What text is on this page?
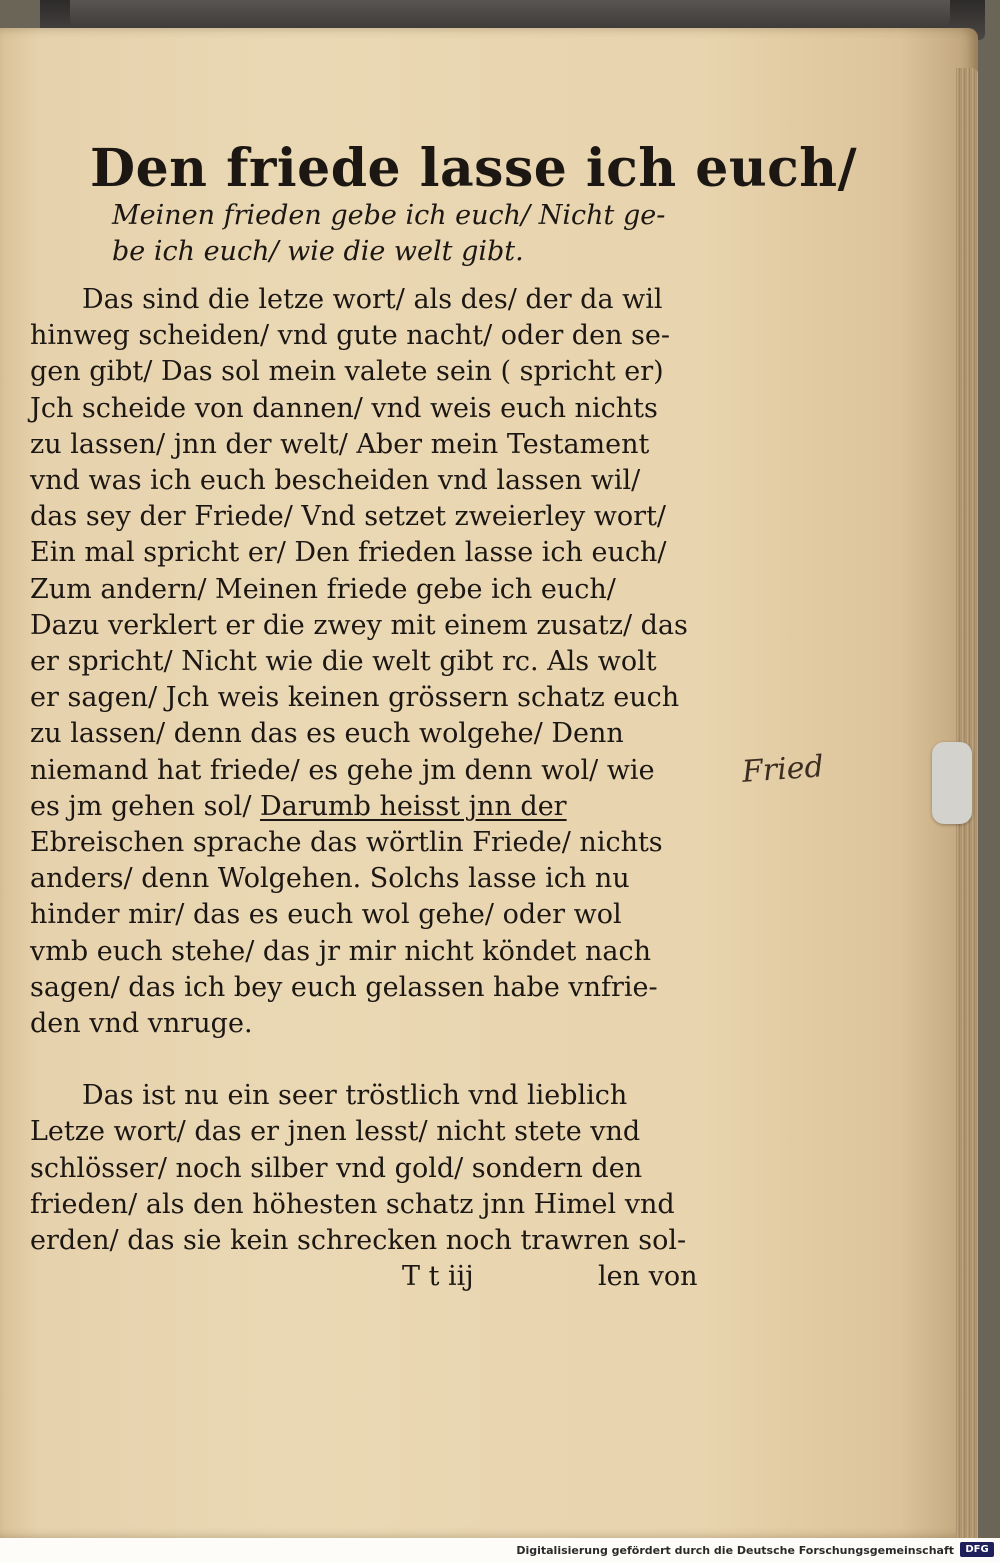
Den friede lasse ich euch/
Meinen frieden gebe ich euch/ Nicht ge-
be ich euch/ wie die welt gibt.
Das sind die letze wort/ als des/ der da wil
hinweg scheiden/ vnd gute nacht/ oder den se-
gen gibt/ Das sol mein valete sein ( spricht er)
Jch scheide von dannen/ vnd weis euch nichts
zu lassen/ jnn der welt/ Aber mein Testament
vnd was ich euch bescheiden vnd lassen wil/
das sey der Friede/ Vnd setzet zweierley wort/
Ein mal spricht er/ Den frieden lasse ich euch/
Zum andern/ Meinen friede gebe ich euch/
Dazu verklert er die zwey mit einem zusatz/ das
er spricht/ Nicht wie die welt gibt rc. Als wolt
er sagen/ Jch weis keinen grössern schatz euch
zu lassen/ denn das es euch wolgehe/ Denn
niemand hat friede/ es gehe jm denn wol/ wie
es jm gehen sol/ Darumb heisst jnn der
Ebreischen sprache das wörtlin Friede/ nichts
anders/ denn Wolgehen. Solchs lasse ich nu
hinder mir/ das es euch wol gehe/ oder wol
vmb euch stehe/ das jr mir nicht köndet nach
sagen/ das ich bey euch gelassen habe vnfrie-
den vnd vnruge.
Das ist nu ein seer tröstlich vnd lieblich
Letze wort/ das er jnen lesst/ nicht stete vnd
schlösser/ noch silber vnd gold/ sondern den
frieden/ als den höhesten schatz jnn Himel vnd
erden/ das sie kein schrecken noch trawren sol-
T t iij	len von
Fried
Digitalisierung gefördert durch die Deutsche Forschungsgemeinschaft	DFG
